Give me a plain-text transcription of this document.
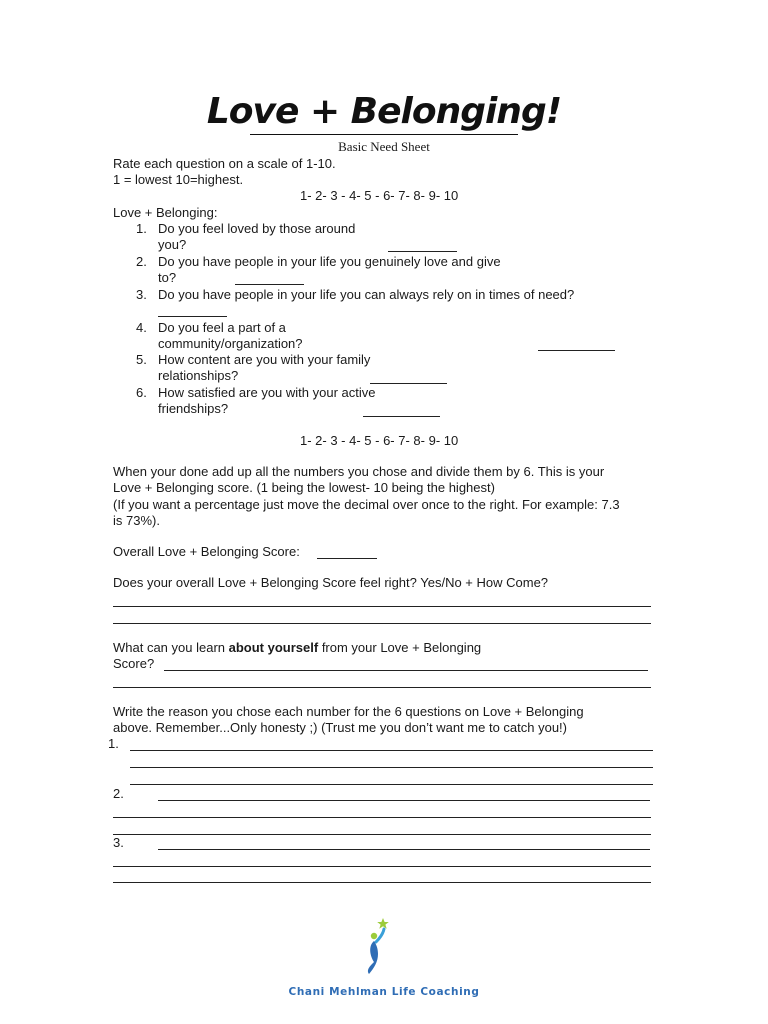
Love + Belonging!
Basic Need Sheet
Rate each question on a scale of 1-10.
1 = lowest 10=highest.
1- 2- 3 - 4- 5 - 6- 7- 8- 9- 10
Love + Belonging:
1. Do you feel loved by those around
you?
2. Do you have people in your life you genuinely love and give
to?
3. Do you have people in your life you can always rely on in times of need?
4. Do you feel a part of a
community/organization?
5. How content are you with your family
relationships?
6. How satisfied are you with your active
friendships?
1- 2- 3 - 4- 5 - 6- 7- 8- 9- 10
When your done add up all the numbers you chose and divide them by 6. This is your
Love + Belonging score. (1 being the lowest- 10 being the highest)
(If you want a percentage just move the decimal over once to the right. For example: 7.3
is 73%).
Overall Love + Belonging Score:
Does your overall Love + Belonging Score feel right? Yes/No + How Come?
What can you learn about yourself from your Love + Belonging
Score?
Write the reason you chose each number for the 6 questions on Love + Belonging
above. Remember...Only honesty ;) (Trust me you don’t want me to catch you!)
1.
2.
3.
Chani Mehlman Life Coaching
